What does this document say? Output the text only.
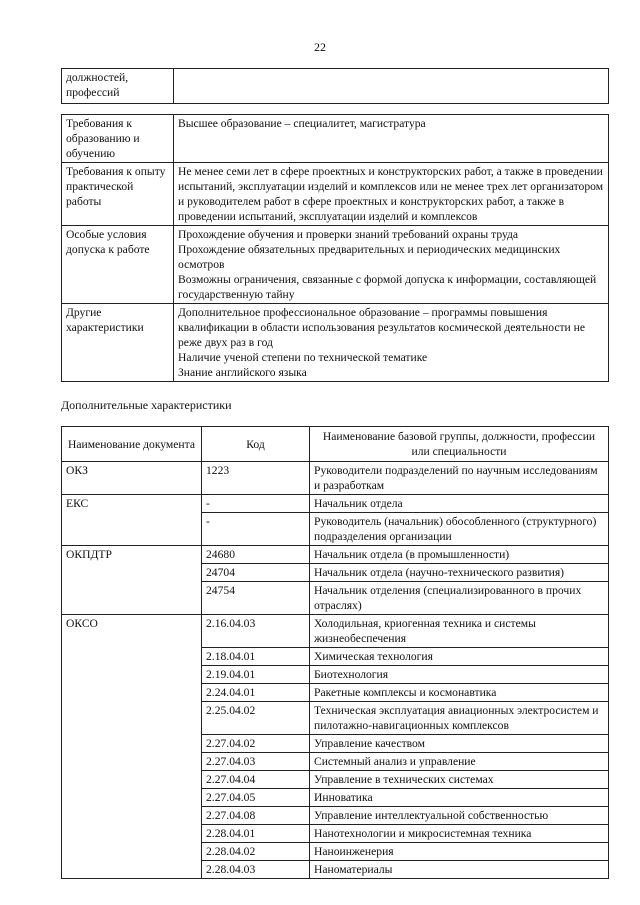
22
должностей, профессий	
Требования к образованию и обучению	Высшее образование – специалитет, магистратура

Требования к опыту практической работы	Не менее семи лет в сфере проектных и конструкторских работ, а также в проведении испытаний, эксплуатации изделий и комплексов или не менее трех лет организатором и руководителем работ в сфере проектных и конструкторских работ, а также в проведении испытаний, эксплуатации изделий и комплексов

Особые условия допуска к работе	Прохождение обучения и проверки знаний требований охраны труда
Прохождение обязательных предварительных и периодических медицинских осмотров
Возможны ограничения, связанные с формой допуска к информации, составляющей государственную тайну

Другие характеристики	Дополнительное профессиональное образование – программы повышения квалификации в области использования результатов космической деятельности не реже двух раз в год
Наличие ученой степени по технической тематике
Знание английского языка
Дополнительные характеристики
Наименование документа	Код	Наименование базовой группы, должности, профессии или специальности
ОКЗ	1223	Руководители подразделений по научным исследованиям и разработкам
ЕКС	-	Начальник отдела
	-	Руководитель (начальник) обособленного (структурного) подразделения организации
ОКПДТР	24680	Начальник отдела (в промышленности)
	24704	Начальник отдела (научно-технического развития)
	24754	Начальник отделения (специализированного в прочих отраслях)
ОКСО	2.16.04.03	Холодильная, криогенная техника и системы жизнеобеспечения
	2.18.04.01	Химическая технология
	2.19.04.01	Биотехнология
	2.24.04.01	Ракетные комплексы и космонавтика
	2.25.04.02	Техническая эксплуатация авиационных электросистем и пилотажно-навигационных комплексов
	2.27.04.02	Управление качеством
	2.27.04.03	Системный анализ и управление
	2.27.04.04	Управление в технических системах
	2.27.04.05	Инноватика
	2.27.04.08	Управление интеллектуальной собственностью
	2.28.04.01	Нанотехнологии и микросистемная техника
	2.28.04.02	Наноинженерия
	2.28.04.03	Наноматериалы
